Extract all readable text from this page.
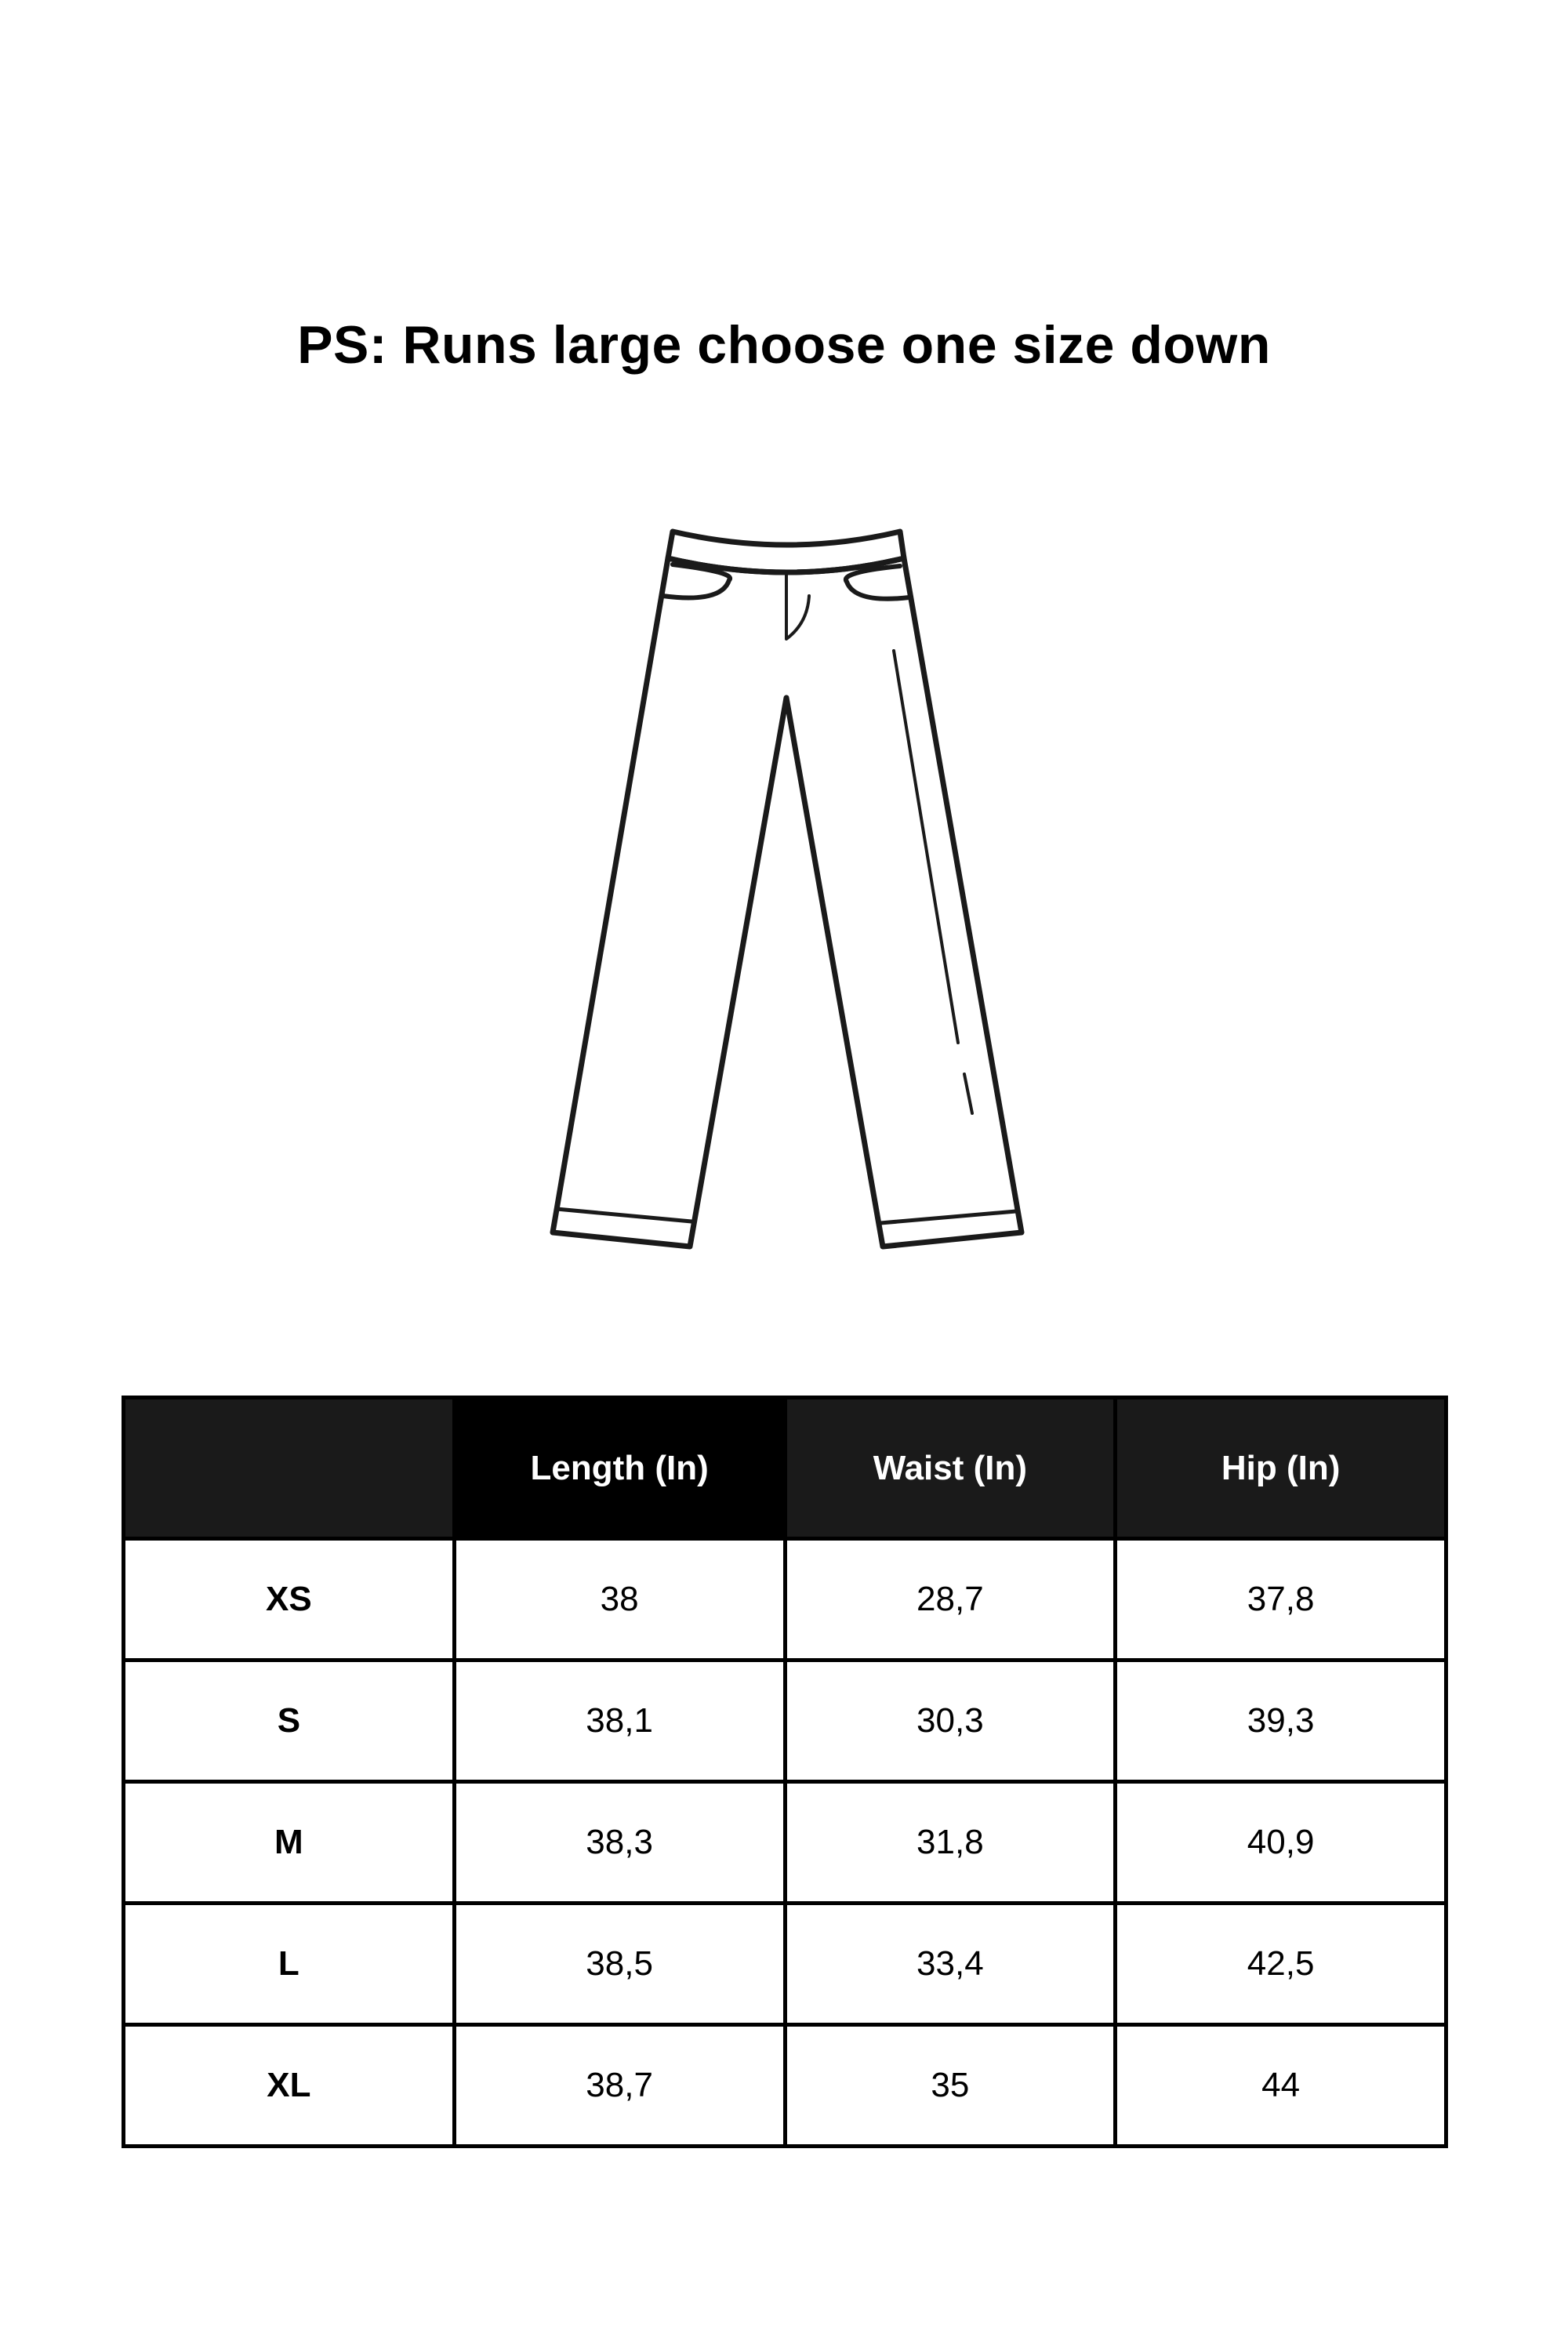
PS: Runs large choose one size down
	Length (In)	Waist (In)	Hip (In)
XS	38	28,7	37,8
S	38,1	30,3	39,3
M	38,3	31,8	40,9
L	38,5	33,4	42,5
XL	38,7	35	44
